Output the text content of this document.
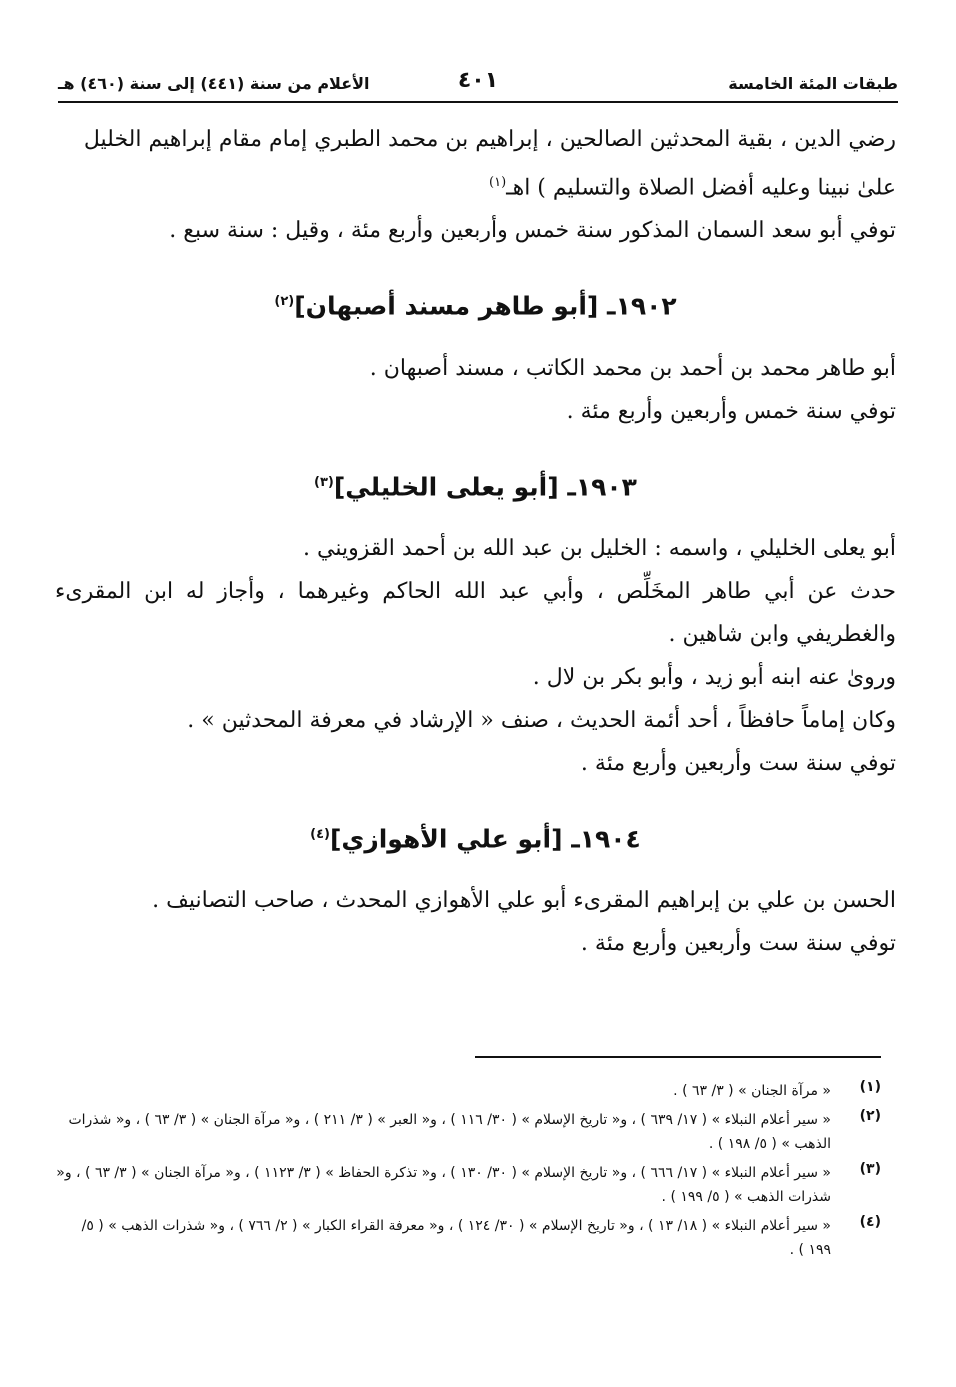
طبقات المئة الخامسة
٤٠١
الأعلام من سنة (٤٤١) إلى سنة (٤٦٠) هـ

رضي الدين ، بقية المحدثين الصالحين ، إبراهيم بن محمد الطبري إمام مقام إبراهيم الخليل

علىٰ نبينا وعليه أفضل الصلاة والتسليم ) اهـ$^{(١)}$

توفي أبو سعد السمان المذكور سنة خمس وأربعين وأربع مئة ، وقيل : سنة سبع .

١٩٠٢ـ [أبو طاهر مسند أصبهان]$^{(٢)}$

أبو طاهر محمد بن أحمد بن محمد الكاتب ، مسند أصبهان .

توفي سنة خمس وأربعين وأربع مئة .

١٩٠٣ـ [أبو يعلى الخليلي]$^{(٣)}$

أبو يعلى الخليلي ، واسمه : الخليل بن عبد الله بن أحمد القزويني .

حدث عن أبي طاهر المخَلِّص ، وأبي عبد الله الحاكم وغيرهما ، وأجاز له ابن المقرىء والغطريفي وابن شاهين .

وروىٰ عنه ابنه أبو زيد ، وأبو بكر بن لال .

وكان إماماً حافظاً ، أحد أئمة الحديث ، صنف « الإرشاد في معرفة المحدثين » .

توفي سنة ست وأربعين وأربع مئة .

١٩٠٤ـ [أبو علي الأهوازي]$^{(٤)}$

الحسن بن علي بن إبراهيم المقرىء أبو علي الأهوازي المحدث ، صاحب التصانيف .

توفي سنة ست وأربعين وأربع مئة .

(١)
« مرآة الجنان » ( ٣/ ٦٣ ) .
(٢)
« سير أعلام النبلاء » ( ١٧/ ٦٣٩ ) ، و« تاريخ الإسلام » ( ٣٠/ ١١٦ ) ، و« العبر » ( ٣/ ٢١١ ) ، و« مرآة الجنان » ( ٣/ ٦٣ ) ، و« شذرات الذهب » ( ٥/ ١٩٨ ) .
(٣)
« سير أعلام النبلاء » ( ١٧/ ٦٦٦ ) ، و« تاريخ الإسلام » ( ٣٠/ ١٣٠ ) ، و« تذكرة الحفاظ » ( ٣/ ١١٢٣ ) ، و« مرآة الجنان » ( ٣/ ٦٣ ) ، و« شذرات الذهب » ( ٥/ ١٩٩ ) .
(٤)
« سير أعلام النبلاء » ( ١٨/ ١٣ ) ، و« تاريخ الإسلام » ( ٣٠/ ١٢٤ ) ، و« معرفة القراء الكبار » ( ٢/ ٧٦٦ ) ، و« شذرات الذهب » ( ٥/ ١٩٩ ) .
